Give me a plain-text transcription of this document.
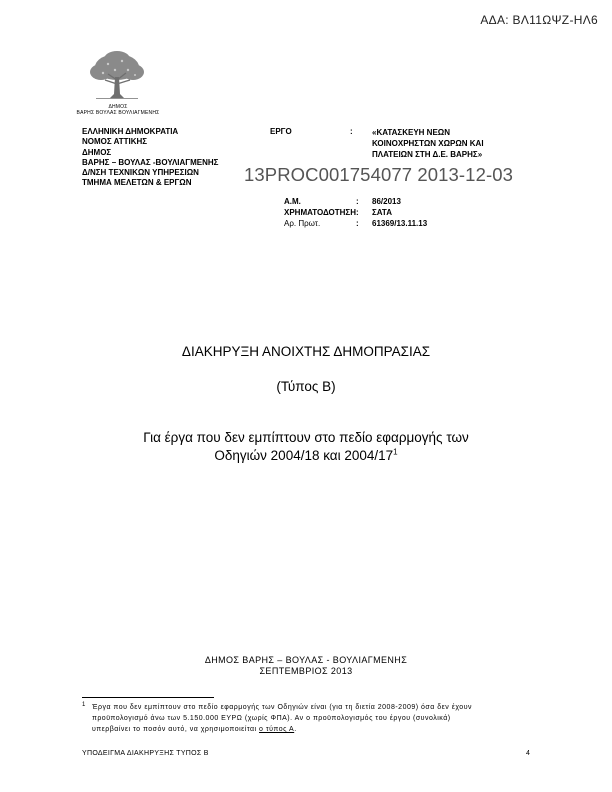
ΑΔΑ: ΒΛ11ΩΨΖ-ΗΛ6
ΔΗΜΟΣ
ΒΑΡΗΣ ΒΟΥΛΑΣ ΒΟΥΛΙΑΓΜΕΝΗΣ
ΕΛΛΗΝΙΚΗ ΔΗΜΟΚΡΑΤΙΑ
ΝΟΜΟΣ ΑΤΤΙΚΗΣ
ΔΗΜΟΣ
ΒΑΡΗΣ – ΒΟΥΛΑΣ -ΒΟΥΛΙΑΓΜΕΝΗΣ
Δ/ΝΣΗ ΤΕΧΝΙΚΩΝ ΥΠΗΡΕΣΙΩΝ
ΤΜΗΜΑ ΜΕΛΕΤΩΝ & ΕΡΓΩΝ
ΕΡΓΟ	: «ΚΑΤΑΣΚΕΥΗ ΝΕΩΝ
ΚΟΙΝΟΧΡΗΣΤΩΝ ΧΩΡΩΝ ΚΑΙ
ΠΛΑΤΕΙΩΝ ΣΤΗ Δ.Ε. ΒΑΡΗΣ»
13PROC001754077 2013-12-03
Α.Μ.	: 86/2013
ΧΡΗΜΑΤΟΔΟΤΗΣΗ: ΣΑΤΑ
Αρ. Πρωτ.	: 61369/13.11.13
ΔΙΑΚΗΡΥΞΗ ΑΝΟΙΧΤΗΣ ΔΗΜΟΠΡΑΣΙΑΣ
(Τύπος Β)
Για έργα που δεν εμπίπτουν στο πεδίο εφαρμογής των
Οδηγιών 2004/18 και $2004/17^1$
ΔΗΜΟΣ ΒΑΡΗΣ – ΒΟΥΛΑΣ - ΒΟΥΛΙΑΓΜΕΝΗΣ
ΣΕΠΤΕΜΒΡΙΟΣ 2013
1 Έργα που δεν εμπίπτουν στο πεδίο εφαρμογής των Οδηγιών είναι (για τη διετία 2008-2009) όσα δεν έχουν
προϋπολογισμό άνω των 5.150.000 ΕΥΡΩ (χωρίς ΦΠΑ). Αν ο προϋπολογισμός του έργου (συνολικά)
υπερβαίνει το ποσόν αυτό, να χρησιμοποιείται ο τύπος Α.
ΥΠΟΔΕΙΓΜΑ ΔΙΑΚΗΡΥΞΗΣ ΤΥΠΟΣ Β	4
